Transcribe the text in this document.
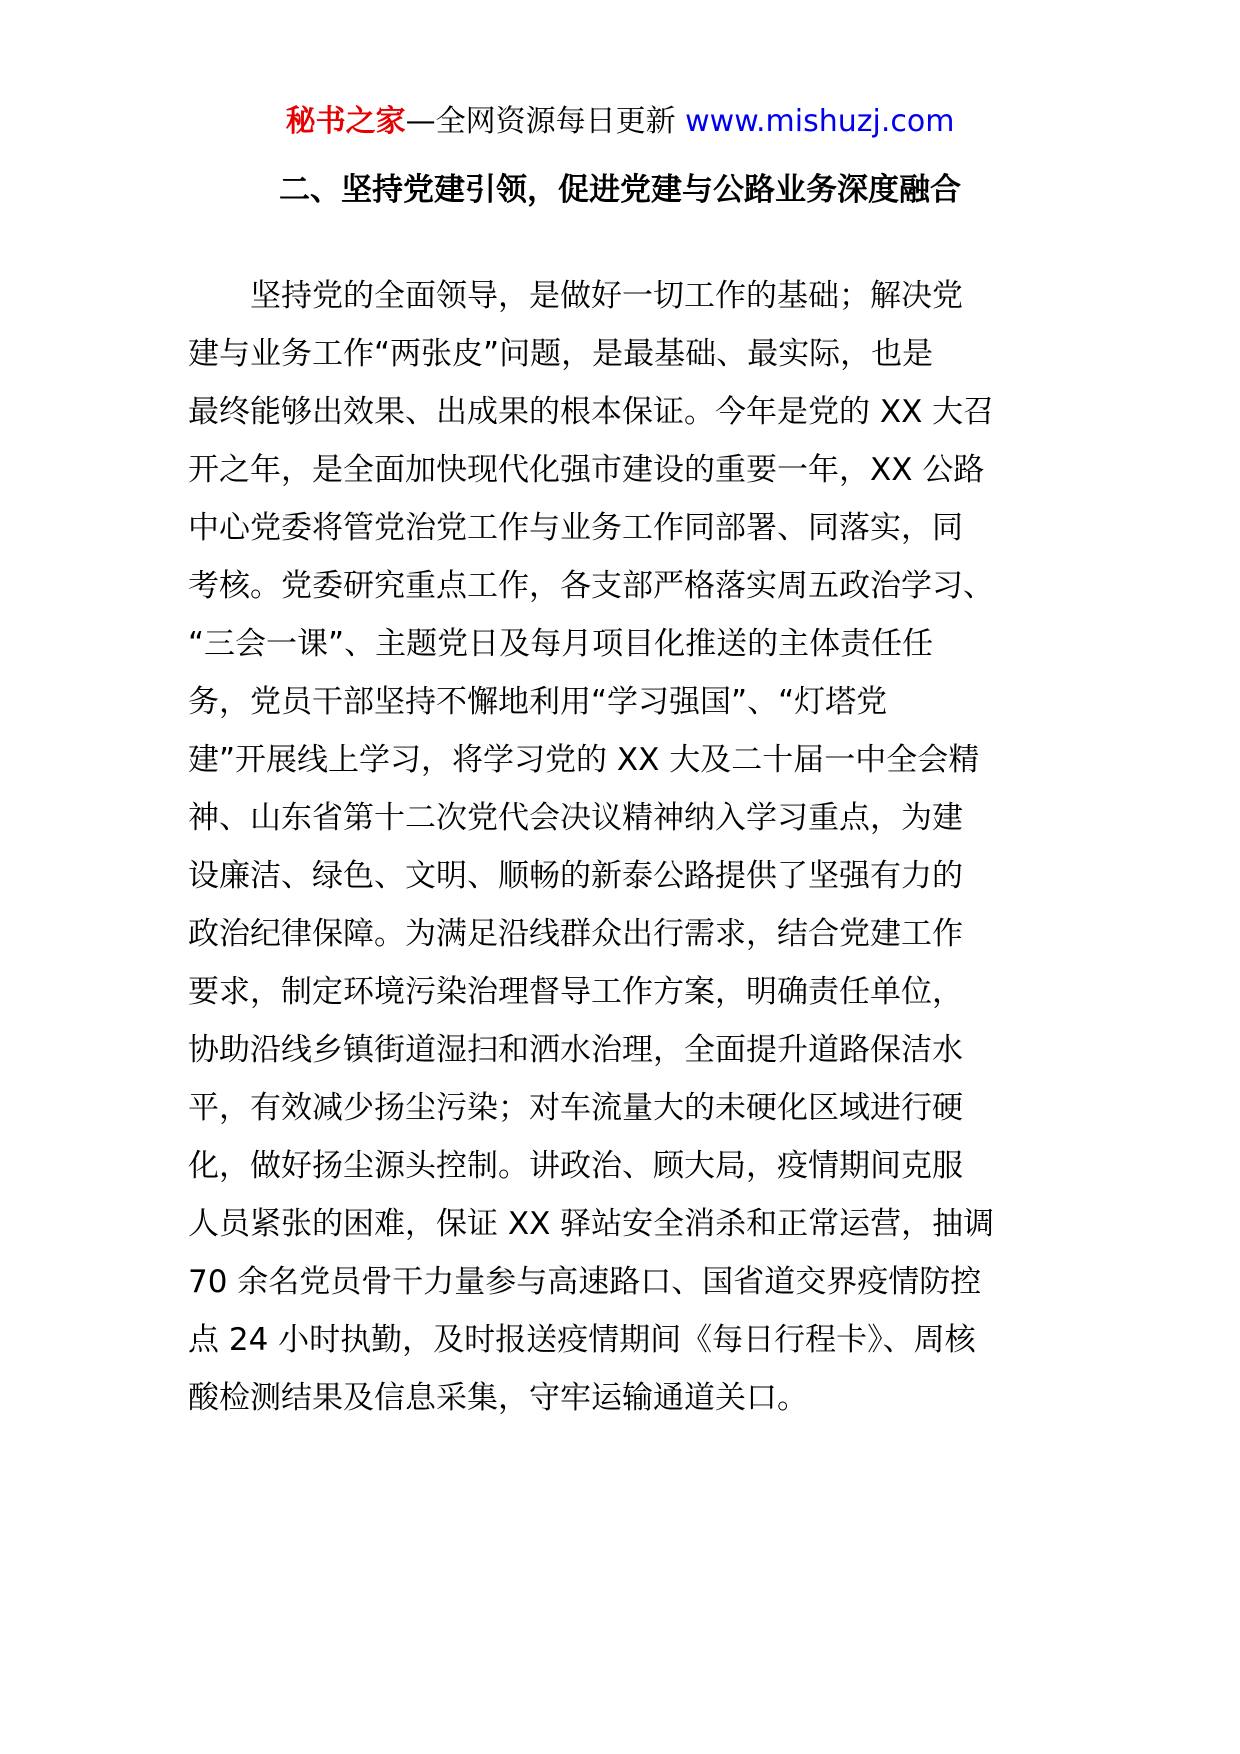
秘书之家—全网资源每日更新 www.mishuzj.com
二、坚持党建引领，促进党建与公路业务深度融合
　　坚持党的全面领导，是做好一切工作的基础；解决党
建与业务工作“两张皮”问题，是最基础、最实际，也是
最终能够出效果、出成果的根本保证。今年是党的 XX 大召
开之年，是全面加快现代化强市建设的重要一年，XX 公路
中心党委将管党治党工作与业务工作同部署、同落实，同
考核。党委研究重点工作，各支部严格落实周五政治学习、
“三会一课”、主题党日及每月项目化推送的主体责任任
务，党员干部坚持不懈地利用“学习强国”、“灯塔党
建”开展线上学习，将学习党的 XX 大及二十届一中全会精
神、山东省第十二次党代会决议精神纳入学习重点，为建
设廉洁、绿色、文明、顺畅的新泰公路提供了坚强有力的
政治纪律保障。为满足沿线群众出行需求，结合党建工作
要求，制定环境污染治理督导工作方案，明确责任单位，
协助沿线乡镇街道湿扫和洒水治理，全面提升道路保洁水
平，有效减少扬尘污染；对车流量大的未硬化区域进行硬
化，做好扬尘源头控制。讲政治、顾大局，疫情期间克服
人员紧张的困难，保证 XX 驿站安全消杀和正常运营，抽调
70 余名党员骨干力量参与高速路口、国省道交界疫情防控
点 24 小时执勤，及时报送疫情期间《每日行程卡》、周核
酸检测结果及信息采集，守牢运输通道关口。
